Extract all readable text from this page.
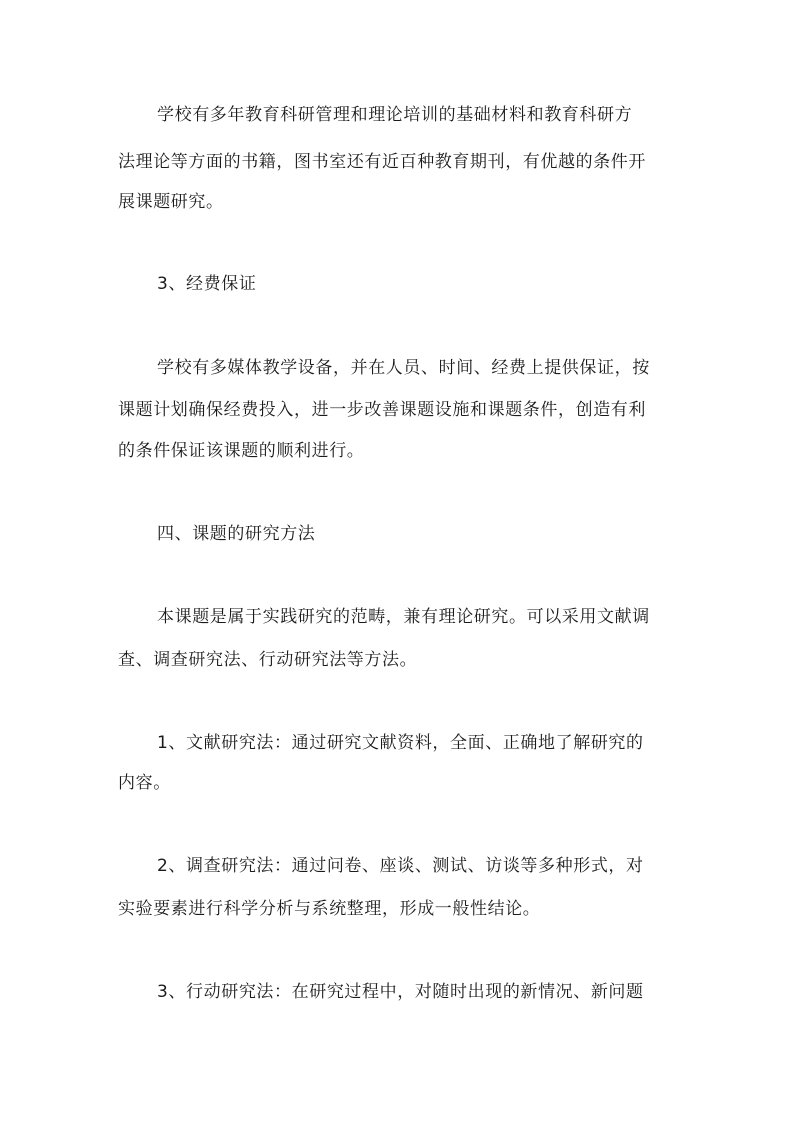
学校有多年教育科研管理和理论培训的基础材料和教育科研方
法理论等方面的书籍，图书室还有近百种教育期刊，有优越的条件开
展课题研究。
3、经费保证
学校有多媒体教学设备，并在人员、时间、经费上提供保证，按
课题计划确保经费投入，进一步改善课题设施和课题条件，创造有利
的条件保证该课题的顺利进行。
四、课题的研究方法
本课题是属于实践研究的范畴，兼有理论研究。可以采用文献调
查、调查研究法、行动研究法等方法。
1、文献研究法：通过研究文献资料，全面、正确地了解研究的
内容。
2、调查研究法：通过问卷、座谈、测试、访谈等多种形式，对
实验要素进行科学分析与系统整理，形成一般性结论。
3、行动研究法：在研究过程中，对随时出现的新情况、新问题
